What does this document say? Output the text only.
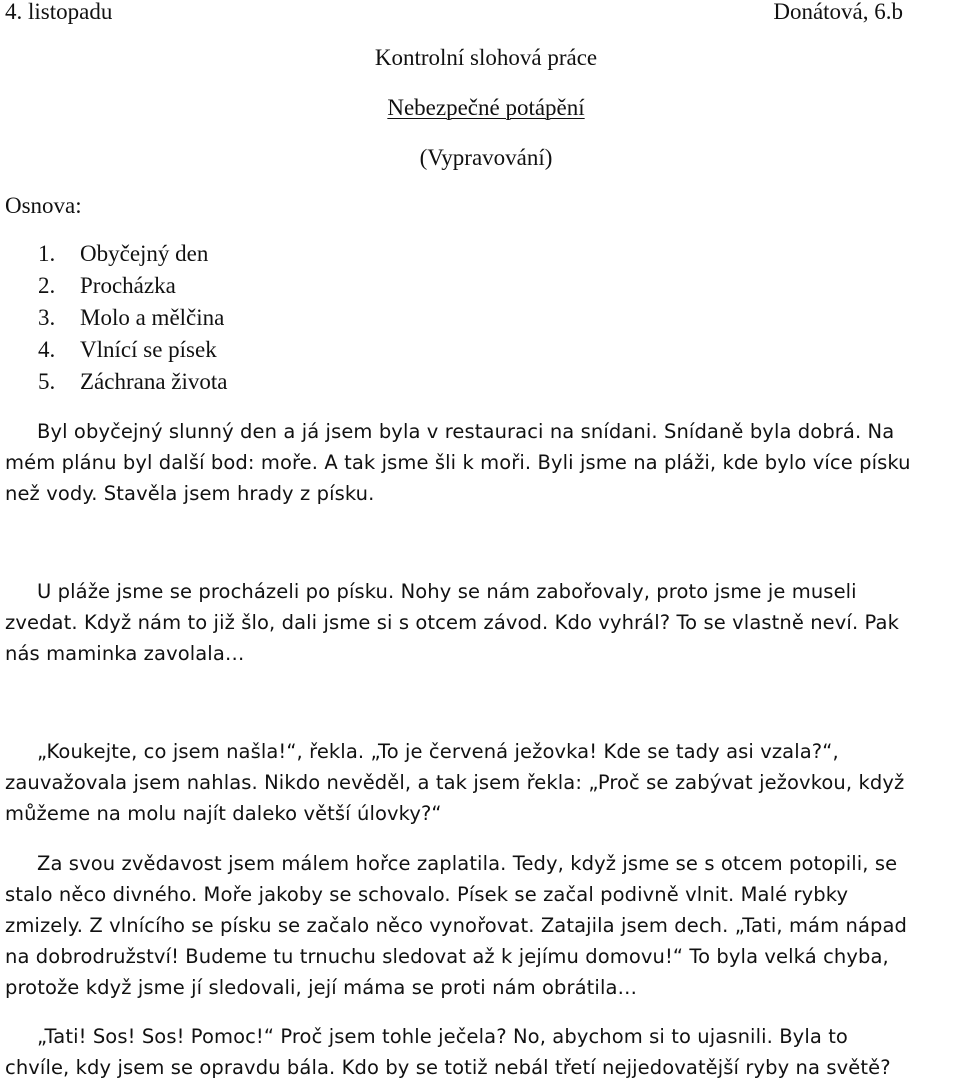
4. listopadu	Donátová, 6.b

Kontrolní slohová práce

Nebezpečné potápění

(Vypravování)

Osnova:

1.	Obyčejný den
2.	Procházka
3.	Molo a mělčina
4.	Vlnící se písek
5.	Záchrana života
Byl obyčejný slunný den a já jsem byla v restauraci na snídani. Snídaně byla dobrá. Na
mém plánu byl další bod: moře. A tak jsme šli k moři. Byli jsme na pláži, kde bylo více písku
než vody. Stavěla jsem hrady z písku.
U pláže jsme se procházeli po písku. Nohy se nám zabořovaly, proto jsme je museli
zvedat. Když nám to již šlo, dali jsme si s otcem závod. Kdo vyhrál? To se vlastně neví. Pak
nás maminka zavolala…
„Koukejte, co jsem našla!“, řekla. „To je červená ježovka! Kde se tady asi vzala?“,
zauvažovala jsem nahlas. Nikdo nevěděl, a tak jsem řekla: „Proč se zabývat ježovkou, když
můžeme na molu najít daleko větší úlovky?“
Za svou zvědavost jsem málem hořce zaplatila. Tedy, když jsme se s otcem potopili, se
stalo něco divného. Moře jakoby se schovalo. Písek se začal podivně vlnit. Malé rybky
zmizely. Z vlnícího se písku se začalo něco vynořovat. Zatajila jsem dech. „Tati, mám nápad
na dobrodružství! Budeme tu trnuchu sledovat až k jejímu domovu!“ To byla velká chyba,
protože když jsme jí sledovali, její máma se proti nám obrátila…
„Tati! Sos! Sos! Pomoc!“ Proč jsem tohle ječela? No, abychom si to ujasnili. Byla to
chvíle, kdy jsem se opravdu bála. Kdo by se totiž nebál třetí nejjedovatější ryby na světě?
